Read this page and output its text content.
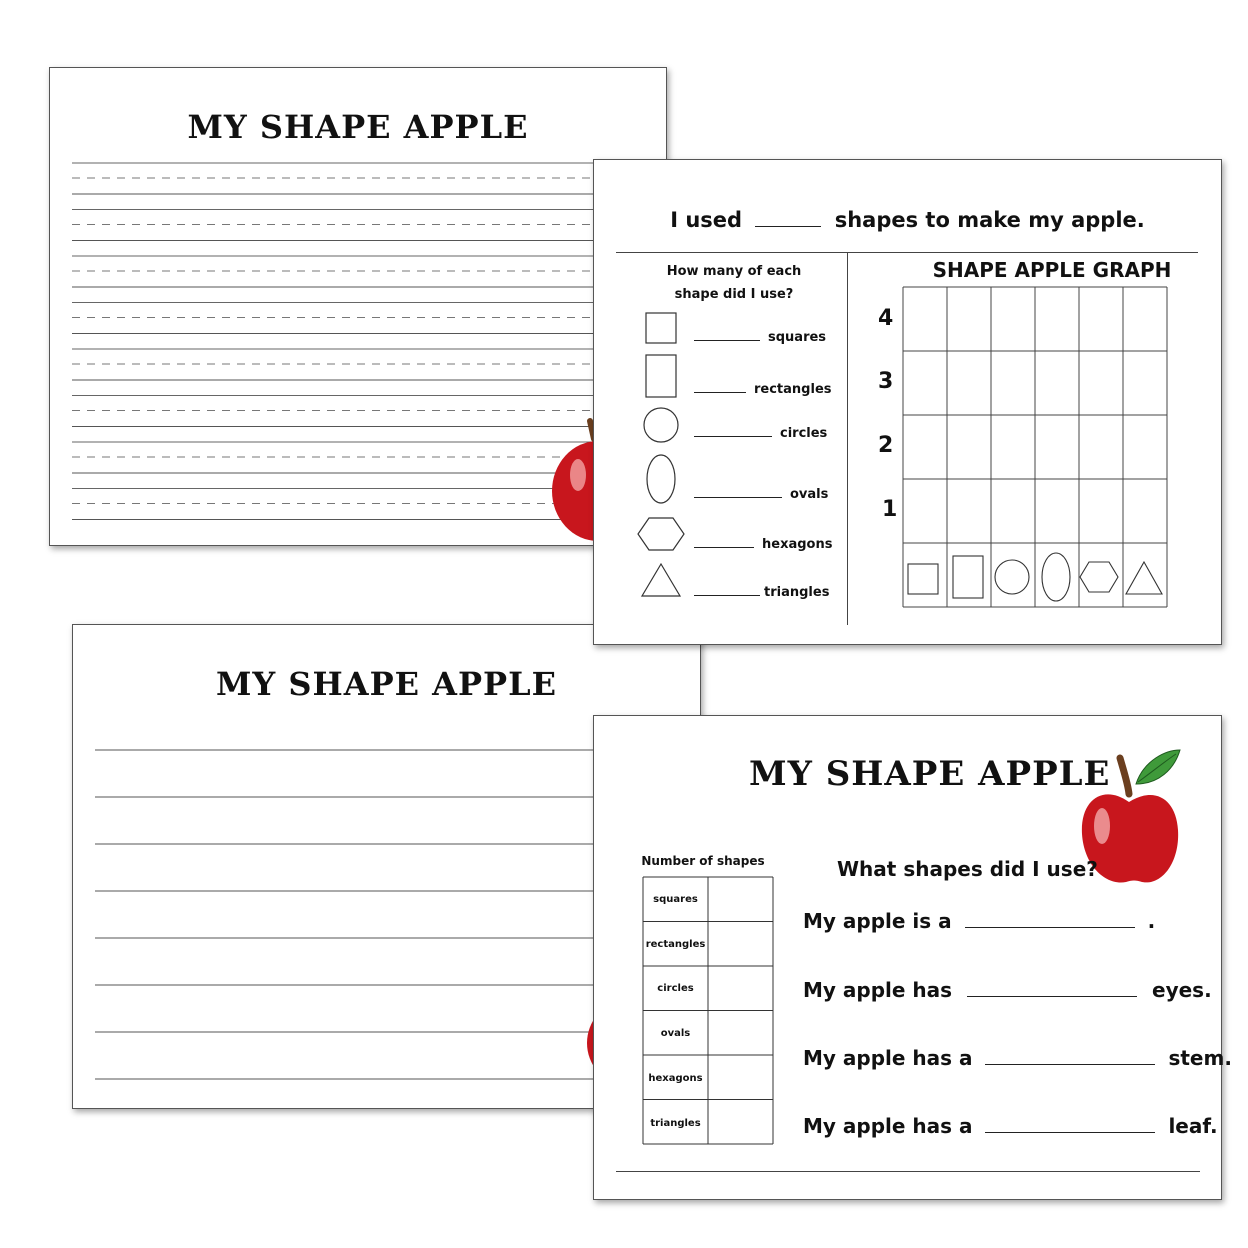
MY SHAPE APPLE
MY SHAPE APPLE
I used	shapes to make my apple.
How many of each
shape did I use?
squares
rectangles
circles
ovals
hexagons
triangles
SHAPE APPLE GRAPH
4
3
2
1
MY SHAPE APPLE
Number of shapes
squares
rectangles
circles
ovals
hexagons
triangles
What shapes did I use?
My apple is a	.
My apple has	eyes.
My apple has a	stem.
My apple has a	leaf.
